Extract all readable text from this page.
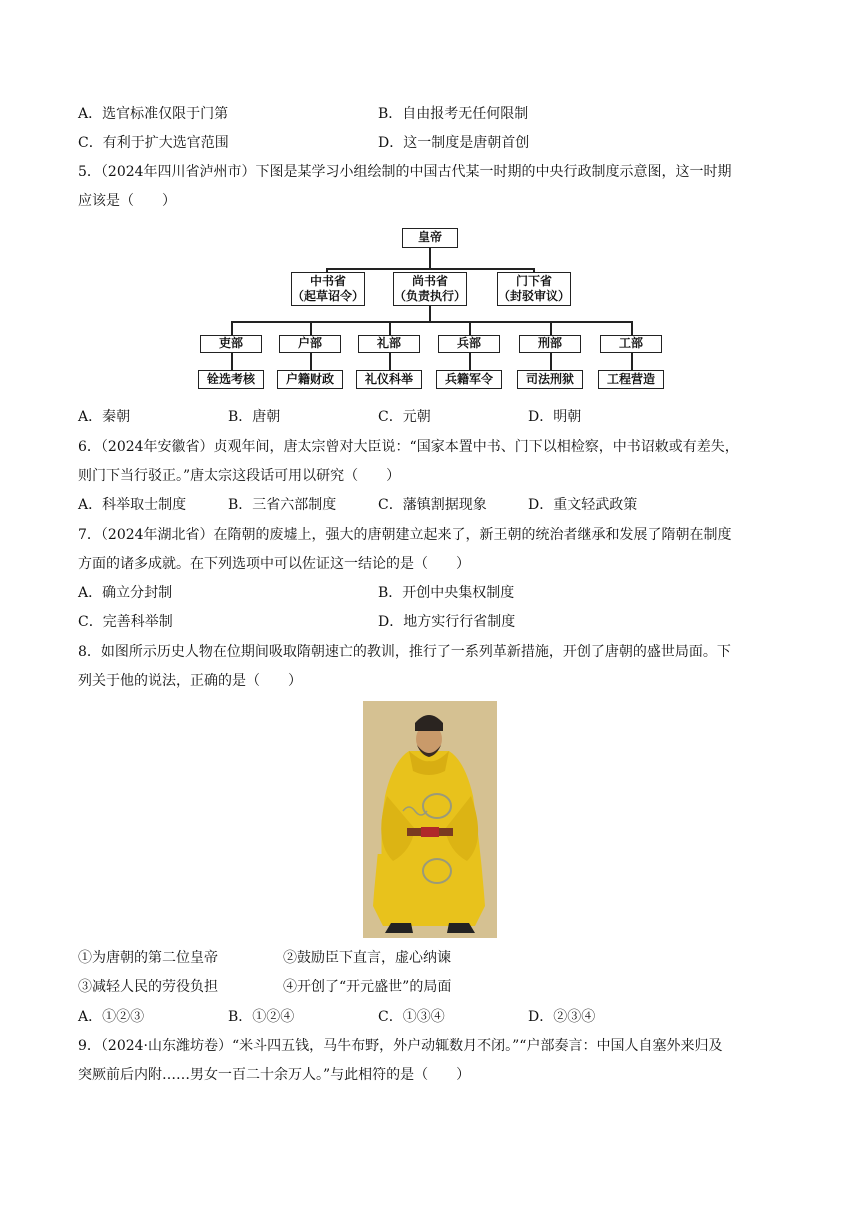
A．选官标准仅限于门第	B．自由报考无任何限制
C．有利于扩大选官范围	D．这一制度是唐朝首创
5．（2024年四川省泸州市）下图是某学习小组绘制的中国古代某一时期的中央行政制度示意图，这一时期
应该是（　　）
皇帝
中书省
（起草诏令）
尚书省
（负责执行）
门下省
（封驳审议）
吏部	户部	礼部	兵部	刑部	工部
铨选考核	户籍财政	礼仪科举	兵籍军令	司法刑狱	工程营造
A．秦朝	B．唐朝	C．元朝	D．明朝
6．（2024年安徽省）贞观年间，唐太宗曾对大臣说：“国家本置中书、门下以相检察，中书诏敕或有差失，
则门下当行驳正。”唐太宗这段话可用以研究（　　）
A．科举取士制度	B．三省六部制度	C．藩镇割据现象	D．重文轻武政策
7．（2024年湖北省）在隋朝的废墟上，强大的唐朝建立起来了，新王朝的统治者继承和发展了隋朝在制度
方面的诸多成就。在下列选项中可以佐证这一结论的是（　　）
A．确立分封制	B．开创中央集权制度
C．完善科举制	D．地方实行行省制度
8．如图所示历史人物在位期间吸取隋朝速亡的教训，推行了一系列革新措施，开创了唐朝的盛世局面。下
列关于他的说法，正确的是（　　）
①为唐朝的第二位皇帝	②鼓励臣下直言，虚心纳谏
③减轻人民的劳役负担	④开创了“开元盛世”的局面
A．①②③	B．①②④	C．①③④	D．②③④
9．（2024·山东潍坊卷）“米斗四五钱，马牛布野，外户动辄数月不闭。”“户部奏言：中国人自塞外来归及
突厥前后内附……男女一百二十余万人。”与此相符的是（　　）
